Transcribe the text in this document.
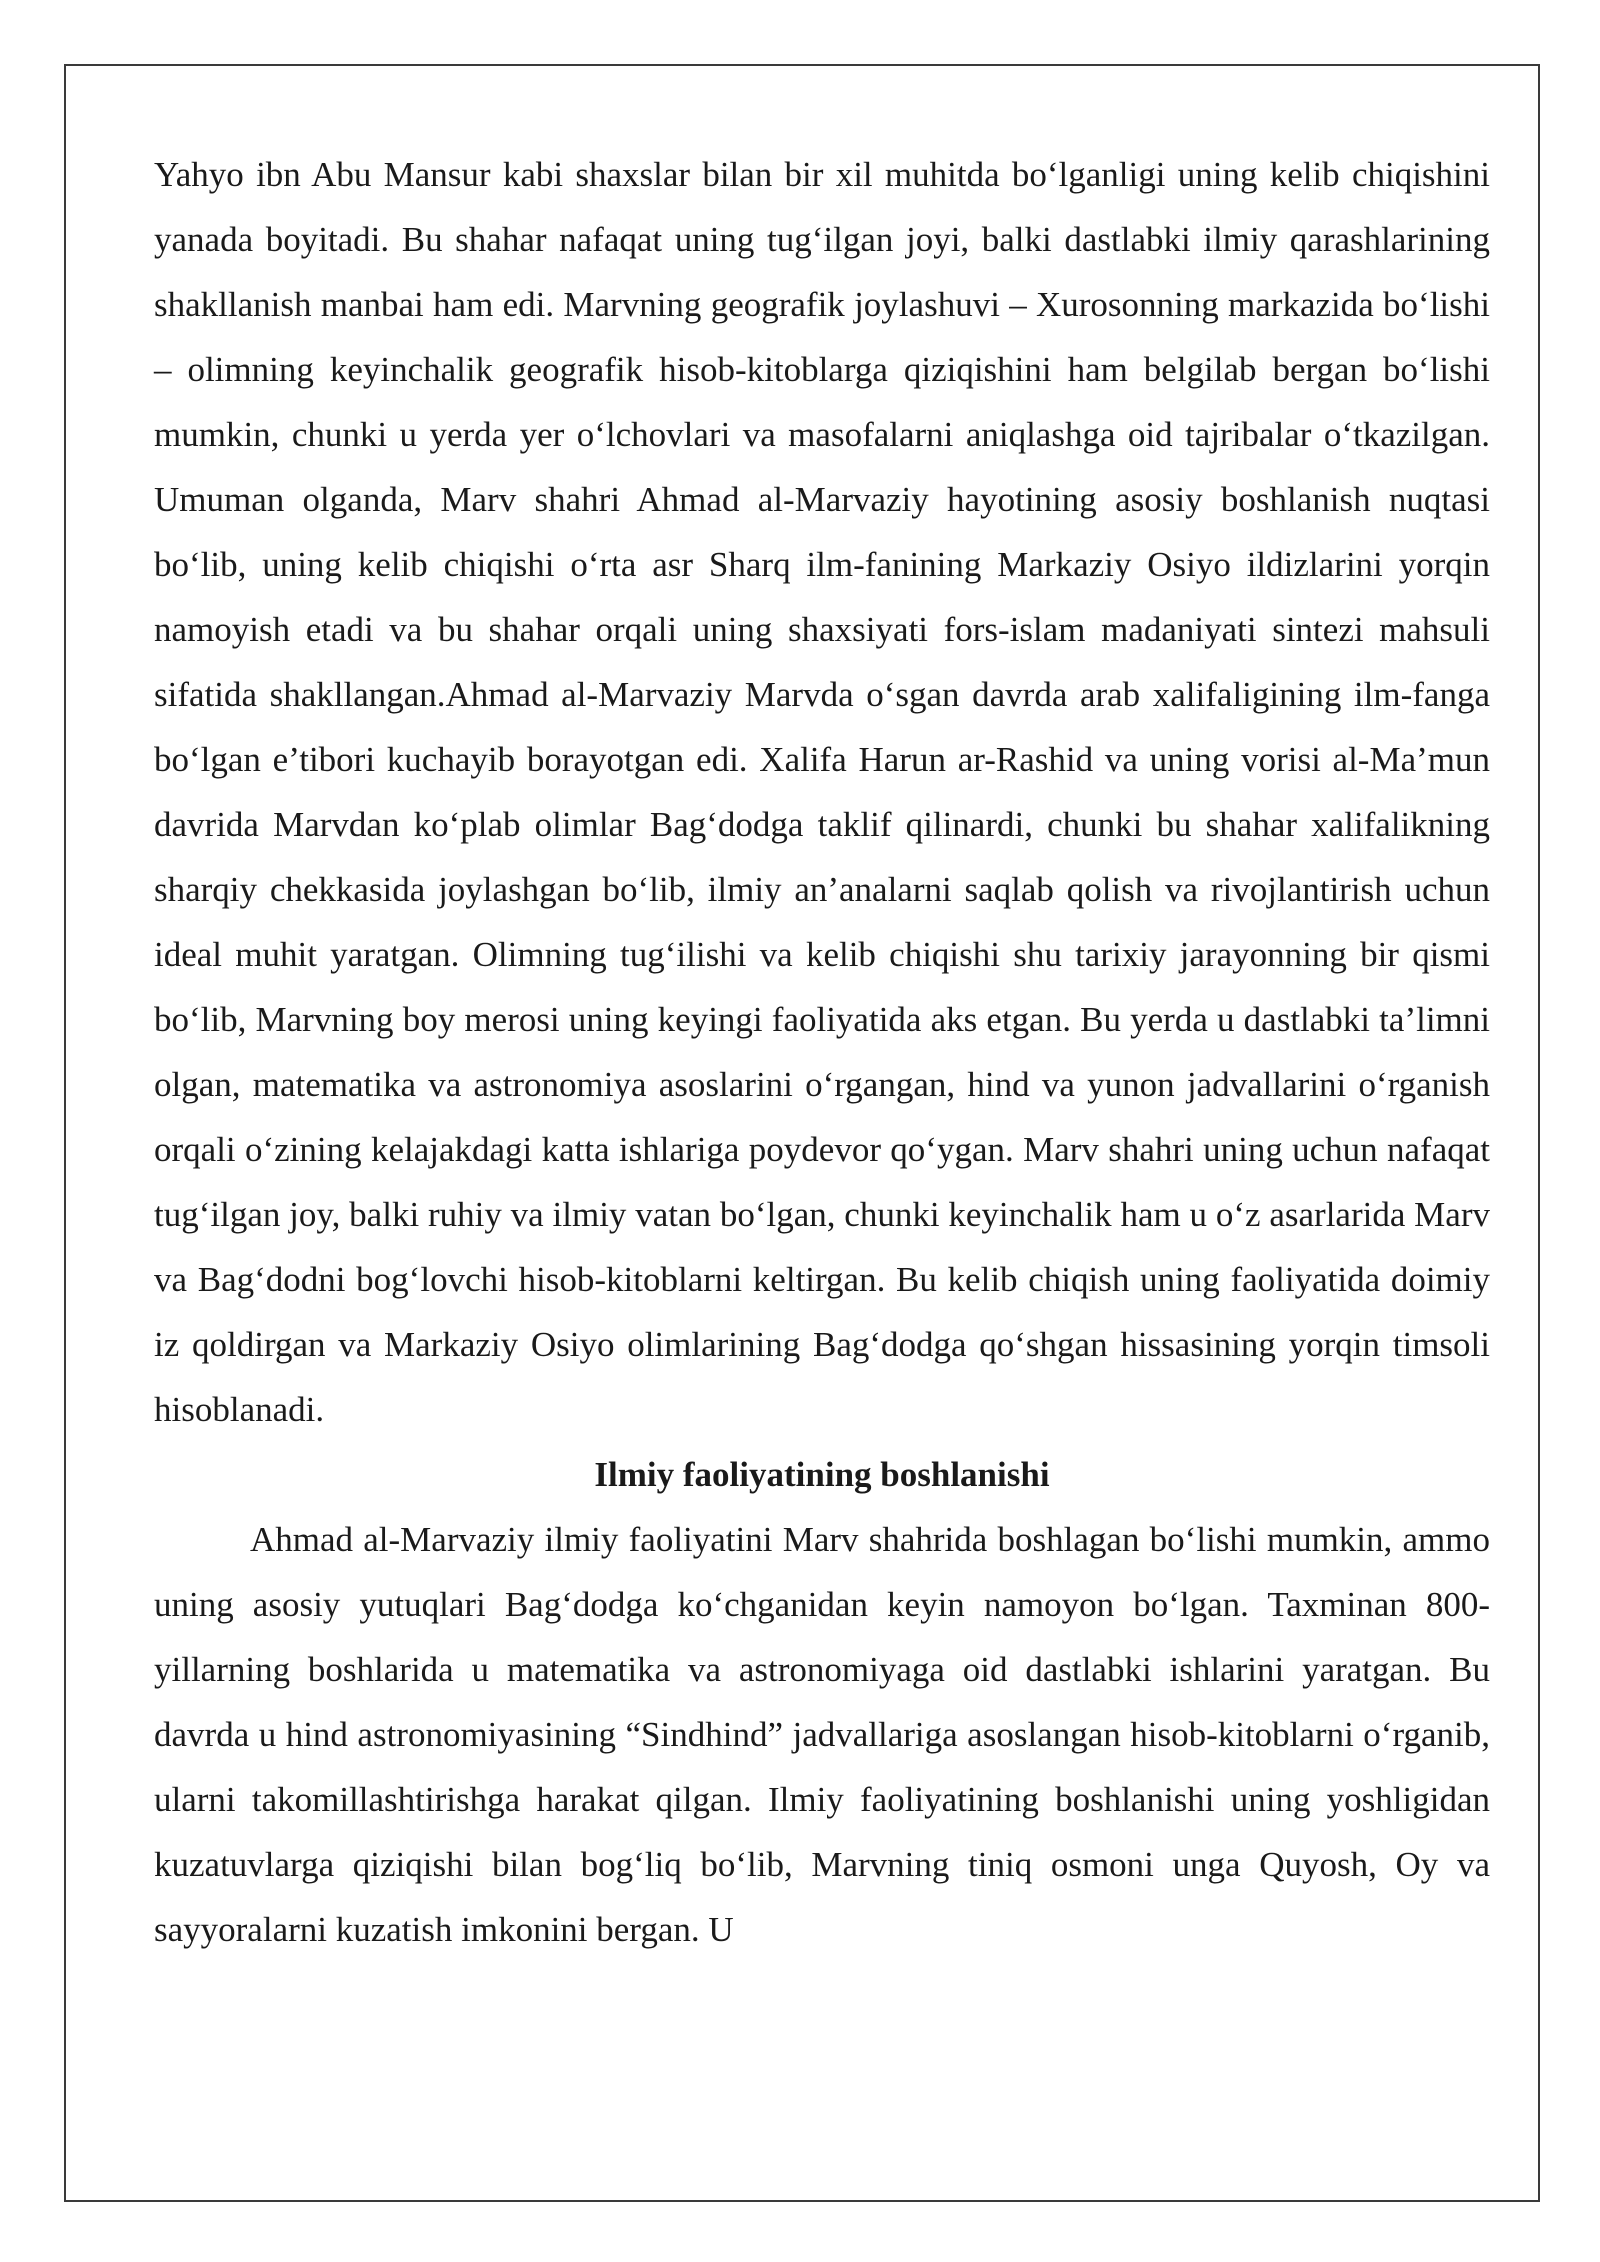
Yahyo ibn Abu Mansur kabi shaxslar bilan bir xil muhitda bo‘lganligi uning kelib chiqishini yanada boyitadi. Bu shahar nafaqat uning tug‘ilgan joyi, balki dastlabki ilmiy qarashlarining shakllanish manbai ham edi. Marvning geografik joylashuvi – Xurosonning markazida bo‘lishi – olimning keyinchalik geografik hisob-kitoblarga qiziqishini ham belgilab bergan bo‘lishi mumkin, chunki u yerda yer o‘lchovlari va masofalarni aniqlashga oid tajribalar o‘tkazilgan. Umuman olganda, Marv shahri Ahmad al-Marvaziy hayotining asosiy boshlanish nuqtasi bo‘lib, uning kelib chiqishi o‘rta asr Sharq ilm-fanining Markaziy Osiyo ildizlarini yorqin namoyish etadi va bu shahar orqali uning shaxsiyati fors-islam madaniyati sintezi mahsuli sifatida shakllangan.Ahmad al-Marvaziy Marvda o‘sgan davrda arab xalifaligining ilm-fanga bo‘lgan e’tibori kuchayib borayotgan edi. Xalifa Harun ar-Rashid va uning vorisi al-Ma’mun davrida Marvdan ko‘plab olimlar Bag‘dodga taklif qilinardi, chunki bu shahar xalifalikning sharqiy chekkasida joylashgan bo‘lib, ilmiy an’analarni saqlab qolish va rivojlantirish uchun ideal muhit yaratgan. Olimning tug‘ilishi va kelib chiqishi shu tarixiy jarayonning bir qismi bo‘lib, Marvning boy merosi uning keyingi faoliyatida aks etgan. Bu yerda u dastlabki ta’limni olgan, matematika va astronomiya asoslarini o‘rgangan, hind va yunon jadvallarini o‘rganish orqali o‘zining kelajakdagi katta ishlariga poydevor qo‘ygan. Marv shahri uning uchun nafaqat tug‘ilgan joy, balki ruhiy va ilmiy vatan bo‘lgan, chunki keyinchalik ham u o‘z asarlarida Marv va Bag‘dodni bog‘lovchi hisob-kitoblarni keltirgan. Bu kelib chiqish uning faoliyatida doimiy iz qoldirgan va Markaziy Osiyo olimlarining Bag‘dodga qo‘shgan hissasining yorqin timsoli hisoblanadi.

Ilmiy faoliyatining boshlanishi

Ahmad al-Marvaziy ilmiy faoliyatini Marv shahrida boshlagan bo‘lishi mumkin, ammo uning asosiy yutuqlari Bag‘dodga ko‘chganidan keyin namoyon bo‘lgan. Taxminan 800-yillarning boshlarida u matematika va astronomiyaga oid dastlabki ishlarini yaratgan. Bu davrda u hind astronomiyasining “Sindhind” jadvallariga asoslangan hisob-kitoblarni o‘rganib, ularni takomillashtirishga harakat qilgan. Ilmiy faoliyatining boshlanishi uning yoshligidan kuzatuvlarga qiziqishi bilan bog‘liq bo‘lib, Marvning tiniq osmoni unga Quyosh, Oy va sayyoralarni kuzatish imkonini bergan. U
